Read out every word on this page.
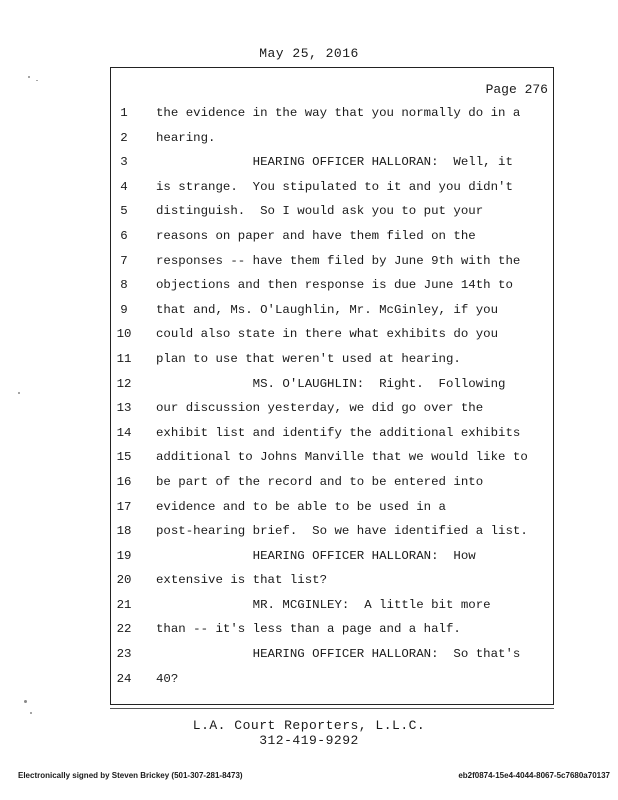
May 25, 2016
Page 276
1	the evidence in the way that you normally do in a
2	hearing.
3	HEARING OFFICER HALLORAN:  Well, it
4	is strange.  You stipulated to it and you didn't
5	distinguish.  So I would ask you to put your
6	reasons on paper and have them filed on the
7	responses -- have them filed by June 9th with the
8	objections and then response is due June 14th to
9	that and, Ms. O'Laughlin, Mr. McGinley, if you
10	could also state in there what exhibits do you
11	plan to use that weren't used at hearing.
12	MS. O'LAUGHLIN:  Right.  Following
13	our discussion yesterday, we did go over the
14	exhibit list and identify the additional exhibits
15	additional to Johns Manville that we would like to
16	be part of the record and to be entered into
17	evidence and to be able to be used in a
18	post-hearing brief.  So we have identified a list.
19	HEARING OFFICER HALLORAN:  How
20	extensive is that list?
21	MR. MCGINLEY:  A little bit more
22	than -- it's less than a page and a half.
23	HEARING OFFICER HALLORAN:  So that's
24	40?
L.A. Court Reporters, L.L.C.
312-419-9292
Electronically signed by Steven Brickey (501-307-281-8473)	eb2f0874-15e4-4044-8067-5c7680a70137
